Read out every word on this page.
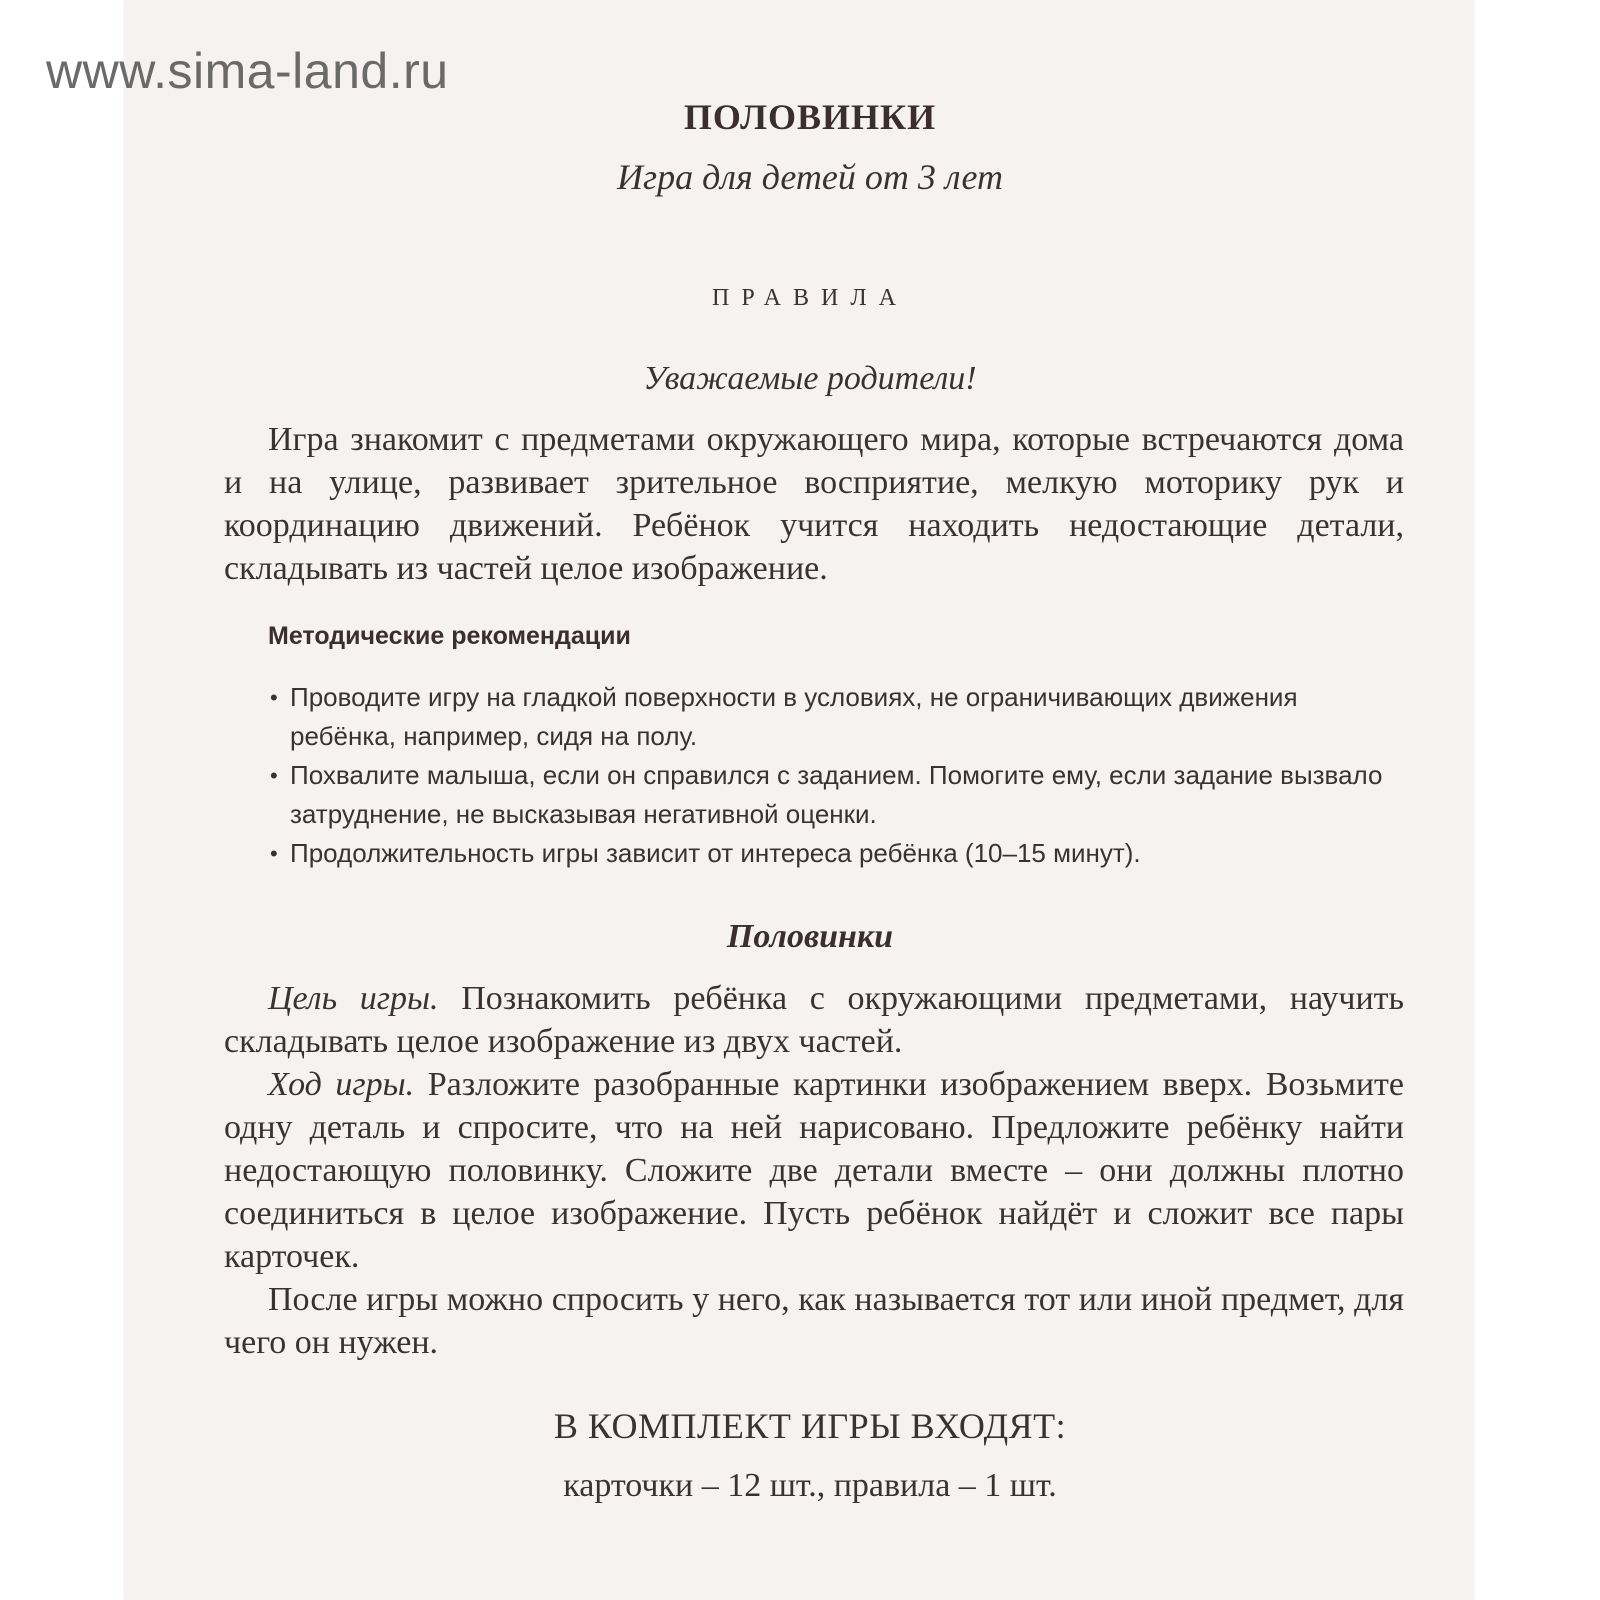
www.sima-land.ru
ПОЛОВИНКИ
Игра для детей от 3 лет
ПРАВИЛА
Уважаемые родители!

Игра знакомит с предметами окружающего мира, которые встречаются дома и на улице, развивает зрительное восприятие, мелкую моторику рук и координацию движений. Ребёнок учится находить недостающие детали, складывать из частей целое изображение.

Методические рекомендации
• Проводите игру на гладкой поверхности в условиях, не ограничивающих движения ребёнка, например, сидя на полу.
• Похвалите малыша, если он справился с заданием. Помогите ему, если задание вызвало затруднение, не высказывая негативной оценки.
• Продолжительность игры зависит от интереса ребёнка (10–15 минут).
Половинки

Цель игры. Познакомить ребёнка с окружающими предметами, научить складывать целое изображение из двух частей.

Ход игры. Разложите разобранные картинки изображением вверх. Возьмите одну деталь и спросите, что на ней нарисовано. Предложите ребёнку найти недостающую половинку. Сложите две детали вместе – они должны плотно соединиться в целое изображение. Пусть ребёнок найдёт и сложит все пары карточек.

После игры можно спросить у него, как называется тот или иной предмет, для чего он нужен.

В КОМПЛЕКТ ИГРЫ ВХОДЯТ:
карточки – 12 шт., правила – 1 шт.
